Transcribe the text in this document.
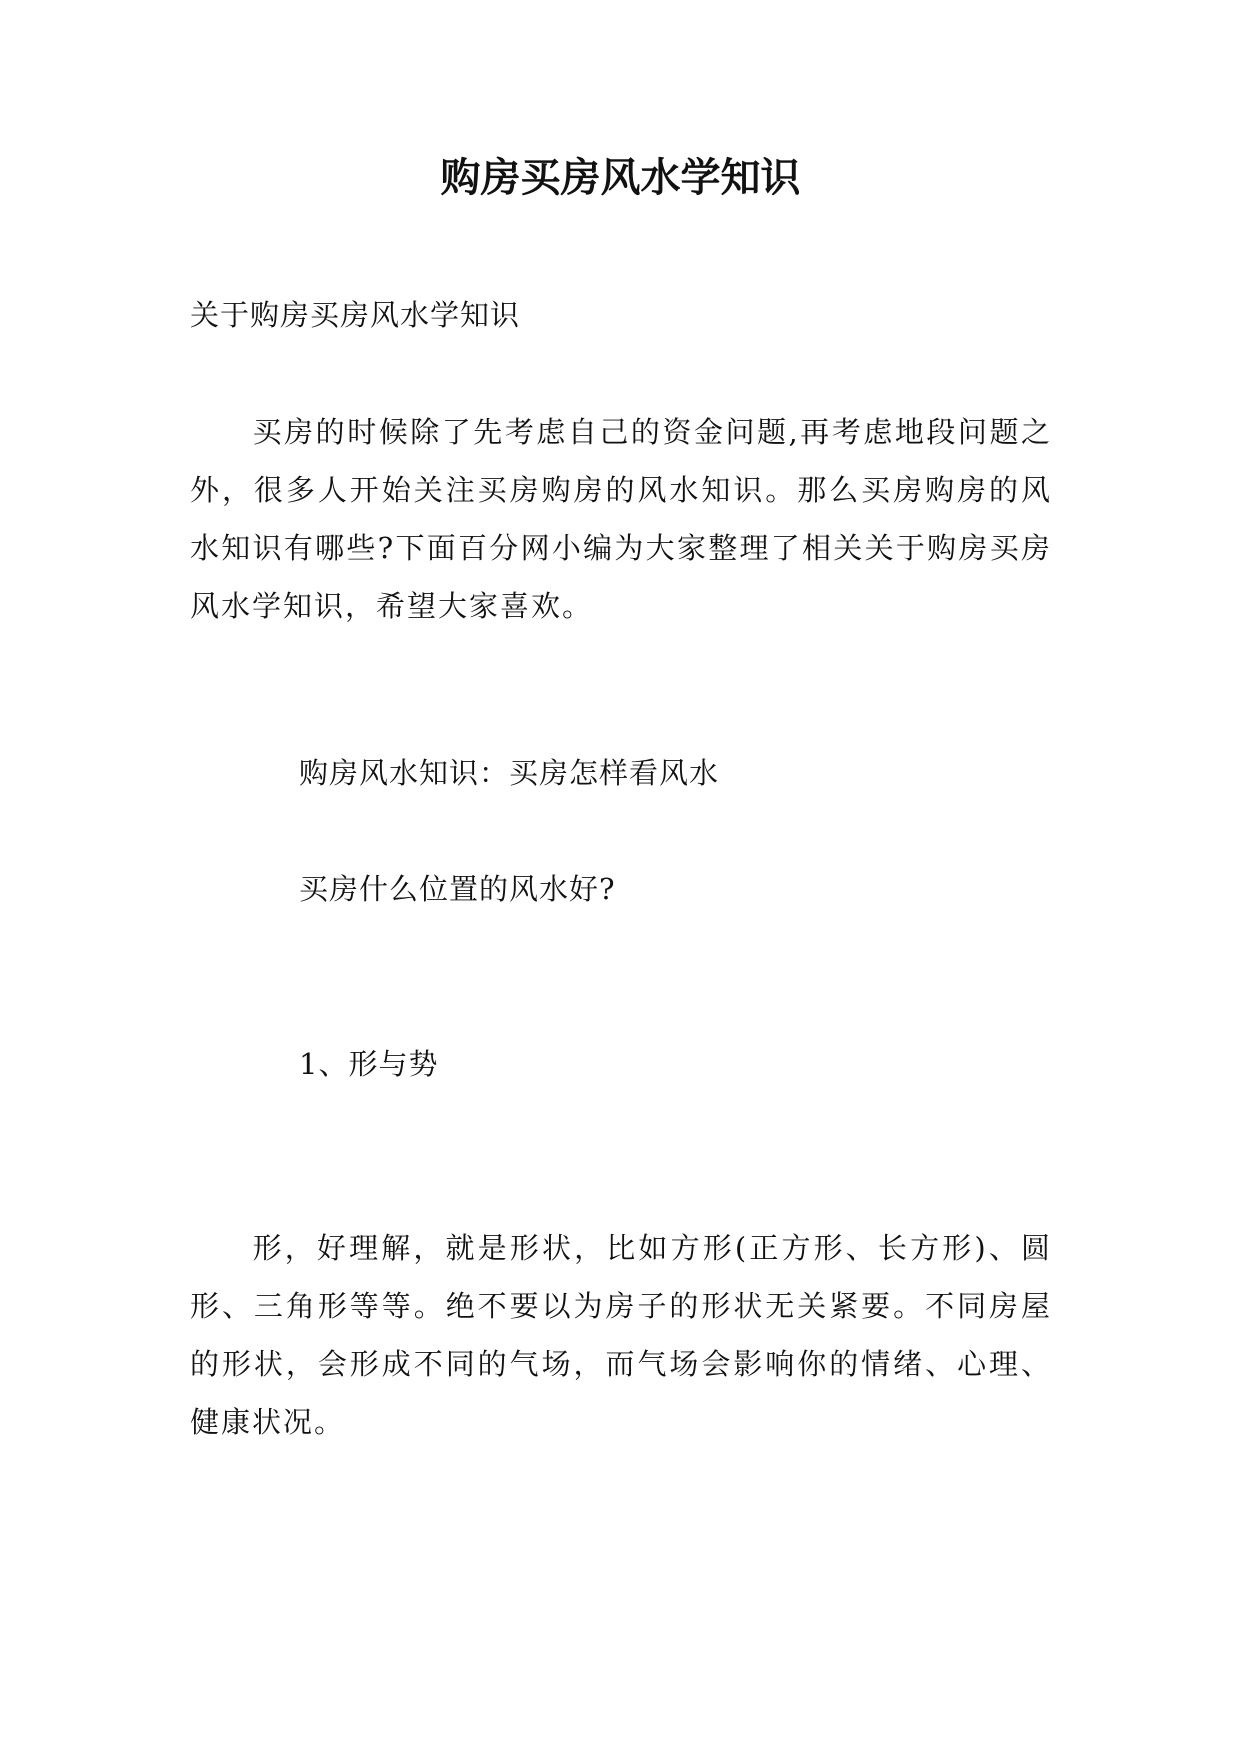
购房买房风水学知识

关于购房买房风水学知识

买房的时候除了先考虑自己的资金问题,再考虑地段问题之外，很多人开始关注买房购房的风水知识。那么买房购房的风水知识有哪些?下面百分网小编为大家整理了相关关于购房买房风水学知识，希望大家喜欢。

购房风水知识：买房怎样看风水

买房什么位置的风水好?

1、形与势

形，好理解，就是形状，比如方形(正方形、长方形)、圆形、三角形等等。绝不要以为房子的形状无关紧要。不同房屋的形状，会形成不同的气场，而气场会影响你的情绪、心理、健康状况。
